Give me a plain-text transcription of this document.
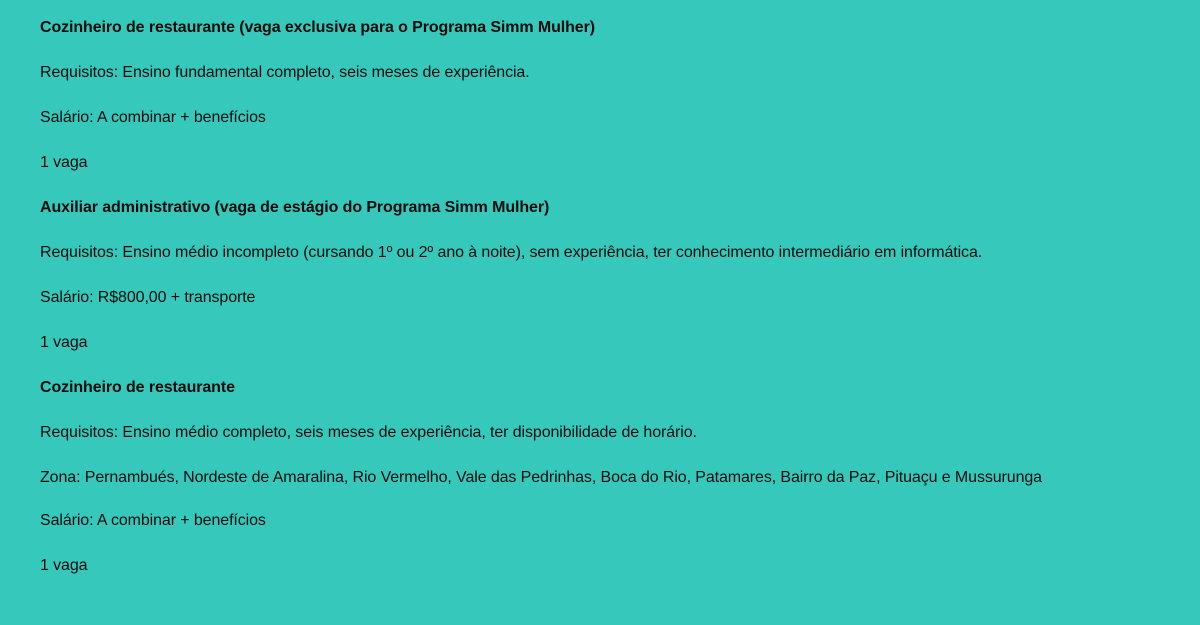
Cozinheiro de restaurante (vaga exclusiva para o Programa Simm Mulher)

Requisitos: Ensino fundamental completo, seis meses de experiência.

Salário: A combinar + benefícios

1 vaga

Auxiliar administrativo (vaga de estágio do Programa Simm Mulher)

Requisitos: Ensino médio incompleto (cursando 1º ou 2º ano à noite), sem experiência, ter conhecimento intermediário em informática.

Salário: R$800,00 + transporte

1 vaga

Cozinheiro de restaurante

Requisitos: Ensino médio completo, seis meses de experiência, ter disponibilidade de horário.

Zona: Pernambués, Nordeste de Amaralina, Rio Vermelho, Vale das Pedrinhas, Boca do Rio, Patamares, Bairro da Paz, Pituaçu e Mussurunga

Salário: A combinar + benefícios

1 vaga
